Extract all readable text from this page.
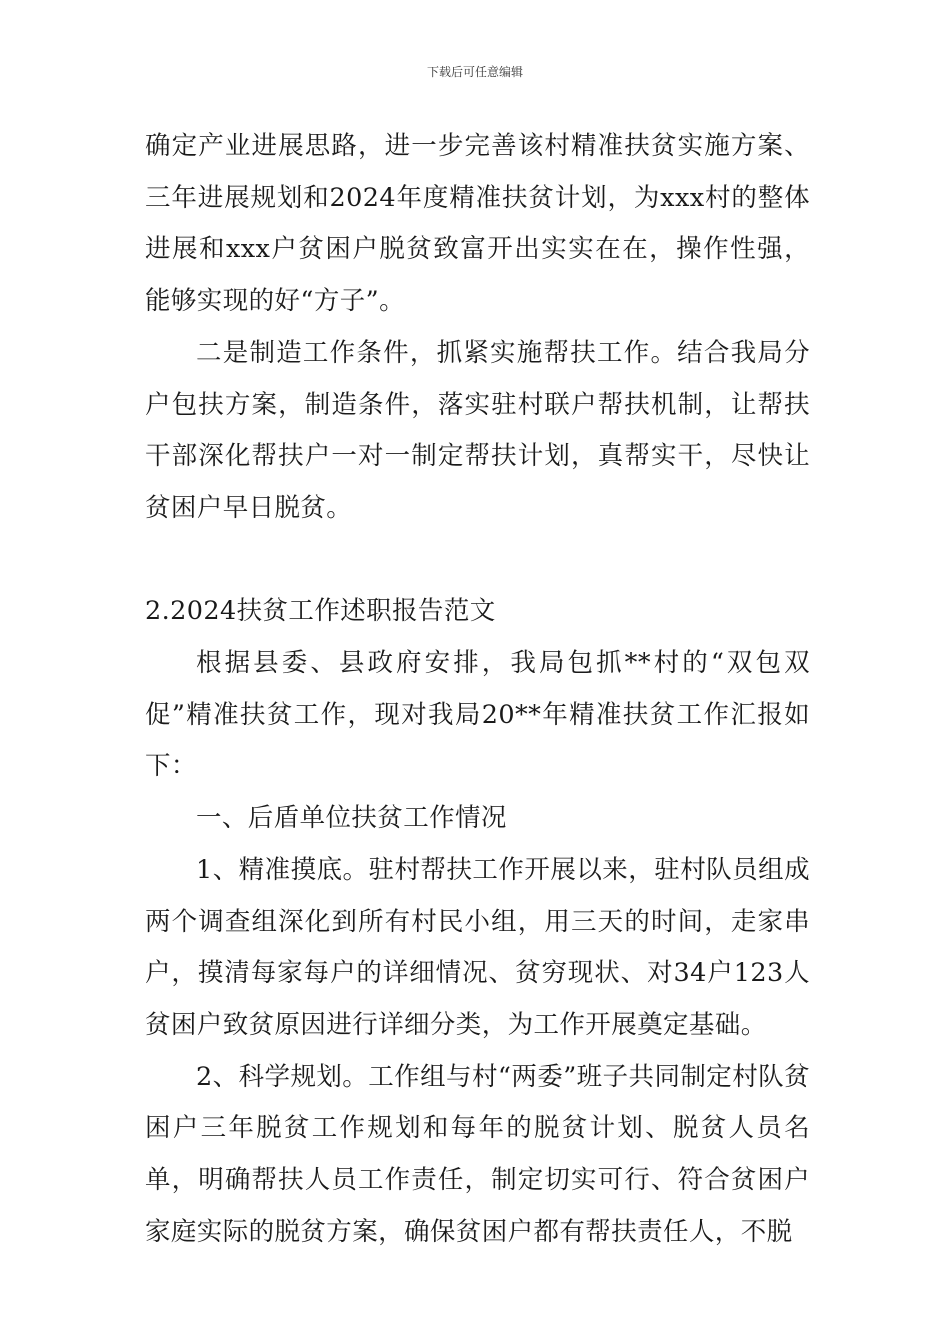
下载后可任意编辑

确定产业进展思路，进一步完善该村精准扶贫实施方案、三年进展规划和2024年度精准扶贫计划，为xxx村的整体进展和xxx户贫困户脱贫致富开出实实在在，操作性强，能够实现的好“方子”。

二是制造工作条件，抓紧实施帮扶工作。结合我局分户包扶方案，制造条件，落实驻村联户帮扶机制，让帮扶干部深化帮扶户一对一制定帮扶计划，真帮实干，尽快让贫困户早日脱贫。

2.2024扶贫工作述职报告范文

根据县委、县政府安排，我局包抓**村的“双包双促”精准扶贫工作，现对我局20**年精准扶贫工作汇报如下：

一、后盾单位扶贫工作情况

1、精准摸底。驻村帮扶工作开展以来，驻村队员组成两个调查组深化到所有村民小组，用三天的时间，走家串户，摸清每家每户的详细情况、贫穷现状、对34户123人贫困户致贫原因进行详细分类，为工作开展奠定基础。

2、科学规划。工作组与村“两委”班子共同制定村队贫困户三年脱贫工作规划和每年的脱贫计划、脱贫人员名单，明确帮扶人员工作责任，制定切实可行、符合贫困户家庭实际的脱贫方案，确保贫困户都有帮扶责任人，不脱
